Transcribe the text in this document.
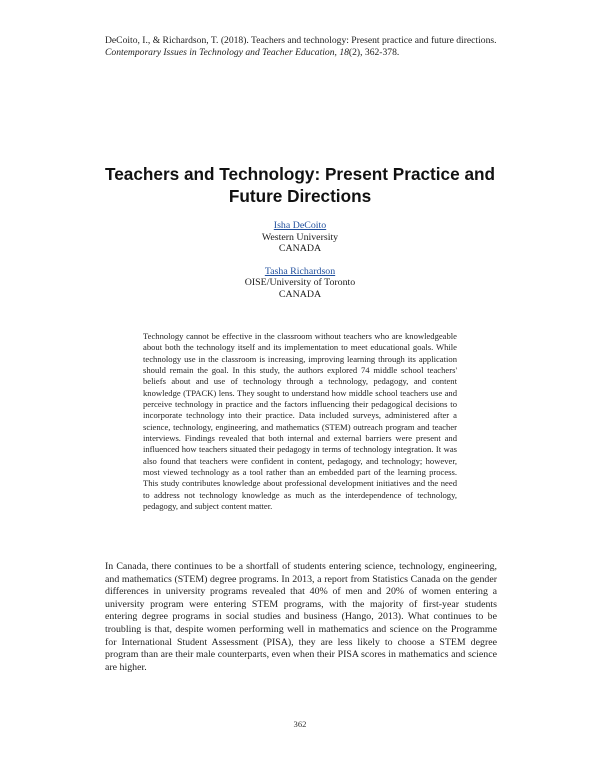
DeCoito, I., & Richardson, T. (2018). Teachers and technology: Present practice and future directions. Contemporary Issues in Technology and Teacher Education, 18(2), 362-378.
Teachers and Technology: Present Practice and Future Directions
Isha DeCoito
Western University
CANADA
Tasha Richardson
OISE/University of Toronto
CANADA

Technology cannot be effective in the classroom without teachers who are knowledgeable about both the technology itself and its implementation to meet educational goals. While technology use in the classroom is increasing, improving learning through its application should remain the goal. In this study, the authors explored 74 middle school teachers' beliefs about and use of technology through a technology, pedagogy, and content knowledge (TPACK) lens. They sought to understand how middle school teachers use and perceive technology in practice and the factors influencing their pedagogical decisions to incorporate technology into their practice. Data included surveys, administered after a science, technology, engineering, and mathematics (STEM) outreach program and teacher interviews. Findings revealed that both internal and external barriers were present and influenced how teachers situated their pedagogy in terms of technology integration. It was also found that teachers were confident in content, pedagogy, and technology; however, most viewed technology as a tool rather than an embedded part of the learning process. This study contributes knowledge about professional development initiatives and the need to address not technology knowledge as much as the interdependence of technology, pedagogy, and subject content matter.

In Canada, there continues to be a shortfall of students entering science, technology, engineering, and mathematics (STEM) degree programs. In 2013, a report from Statistics Canada on the gender differences in university programs revealed that 40% of men and 20% of women entering a university program were entering STEM programs, with the majority of first-year students entering degree programs in social studies and business (Hango, 2013). What continues to be troubling is that, despite women performing well in mathematics and science on the Programme for International Student Assessment (PISA), they are less likely to choose a STEM degree program than are their male counterparts, even when their PISA scores in mathematics and science are higher.

362
